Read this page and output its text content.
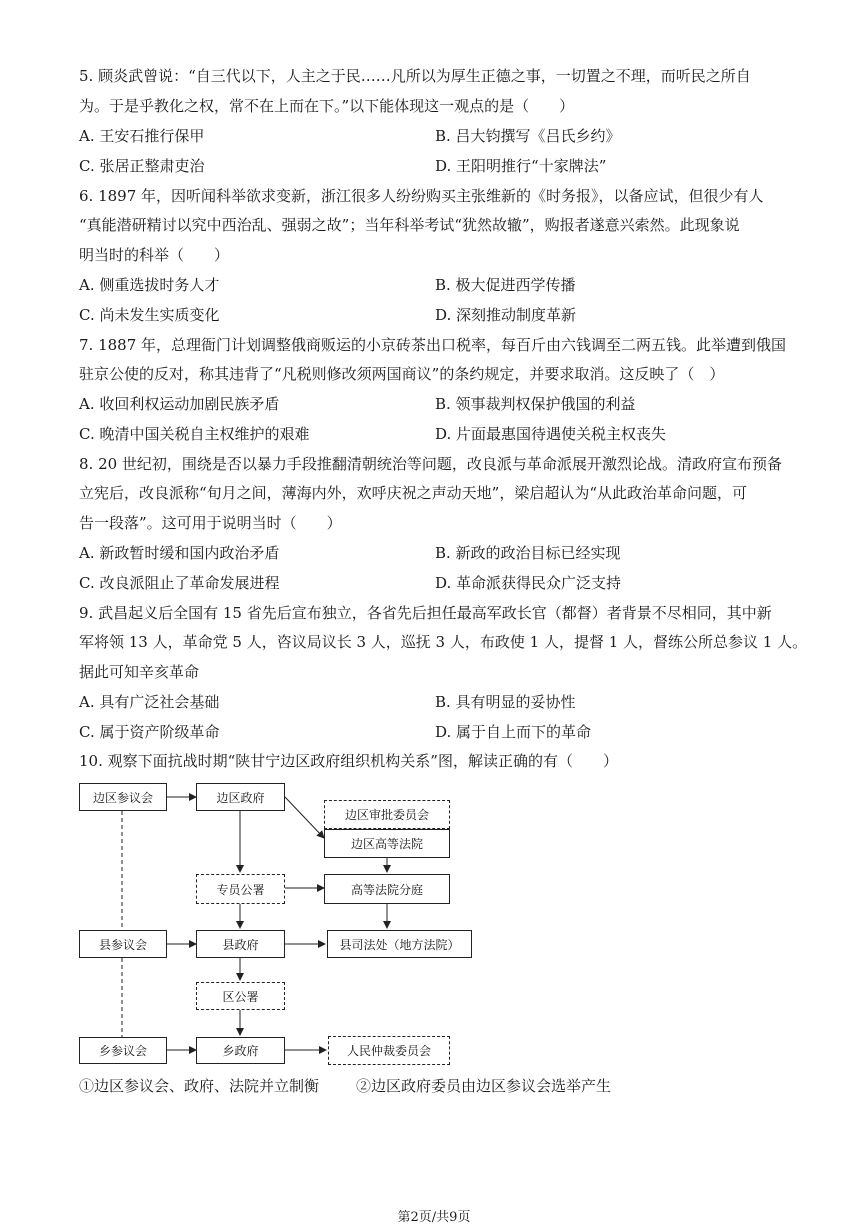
5. 顾炎武曾说：“自三代以下，人主之于民……凡所以为厚生正德之事，一切置之不理，而听民之所自
为。于是乎教化之权，常不在上而在下。”以下能体现这一观点的是（　　）
A. 王安石推行保甲	B. 吕大钧撰写《吕氏乡约》
C. 张居正整肃吏治	D. 王阳明推行“十家牌法”
6. 1897 年，因听闻科举欲求变新，浙江很多人纷纷购买主张维新的《时务报》，以备应试，但很少有人
“真能潜研精讨以究中西治乱、强弱之故”；当年科举考试“犹然故辙”，购报者遂意兴索然。此现象说
明当时的科举（　　）
A. 侧重选拔时务人才	B. 极大促进西学传播
C. 尚未发生实质变化	D. 深刻推动制度革新
7. 1887 年，总理衙门计划调整俄商贩运的小京砖茶出口税率，每百斤由六钱调至二两五钱。此举遭到俄国
驻京公使的反对，称其违背了“凡税则修改须两国商议”的条约规定，并要求取消。这反映了（　）
A. 收回利权运动加剧民族矛盾	B. 领事裁判权保护俄国的利益
C. 晚清中国关税自主权维护的艰难	D. 片面最惠国待遇使关税主权丧失
8. 20 世纪初，围绕是否以暴力手段推翻清朝统治等问题，改良派与革命派展开激烈论战。清政府宣布预备
立宪后，改良派称“旬月之间，薄海内外，欢呼庆祝之声动天地”，梁启超认为“从此政治革命问题，可
告一段落”。这可用于说明当时（　　）
A. 新政暂时缓和国内政治矛盾	B. 新政的政治目标已经实现
C. 改良派阻止了革命发展进程	D. 革命派获得民众广泛支持
9. 武昌起义后全国有 15 省先后宣布独立，各省先后担任最高军政长官（都督）者背景不尽相同，其中新
军将领 13 人，革命党 5 人，咨议局议长 3 人，巡抚 3 人，布政使 1 人，提督 1 人，督练公所总参议 1 人。
据此可知辛亥革命
A. 具有广泛社会基础	B. 具有明显的妥协性
C. 属于资产阶级革命	D. 属于自上而下的革命
10. 观察下面抗战时期“陕甘宁边区政府组织机构关系”图，解读正确的有（　　）
边区参议会	边区政府
边区审批委员会
边区高等法院
专员公署	高等法院分庭
县参议会	县政府	县司法处（地方法院）
区公署
乡参议会	乡政府	人民仲裁委员会
①边区参议会、政府、法院并立制衡 ②边区政府委员由边区参议会选举产生
第2页/共9页
